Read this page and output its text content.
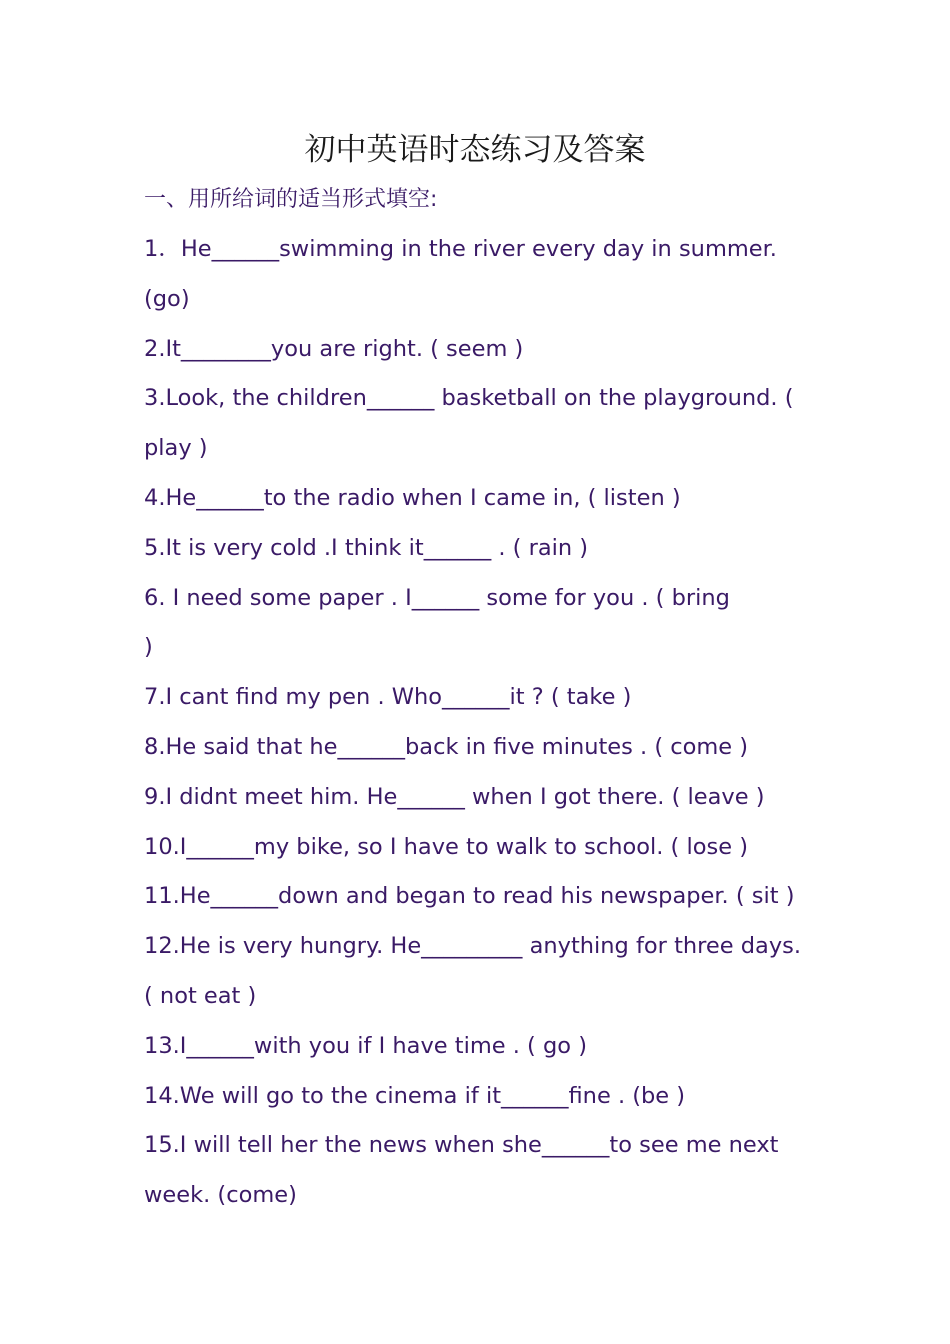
初中英语时态练习及答案
一、用所给词的适当形式填空:
1．He______swimming in the river every day in summer.
(go)
2.It________you are right. ( seem )
3.Look, the children______ basketball on the playground. (
play )
4.He______to the radio when I came in, ( listen )
5.It is very cold .I think it______ . ( rain )
6. I need some paper . I______ some for you . ( bring
)
7.I cant find my pen . Who______it ? ( take )
8.He said that he______back in five minutes . ( come )
9.I didnt meet him. He______ when I got there. ( leave )
10.I______my bike, so I have to walk to school. ( lose )
11.He______down and began to read his newspaper. ( sit )
12.He is very hungry. He_________ anything for three days.
( not eat )
13.I______with you if I have time . ( go )
14.We will go to the cinema if it______fine . (be )
15.I will tell her the news when she______to see me next
week. (come)
